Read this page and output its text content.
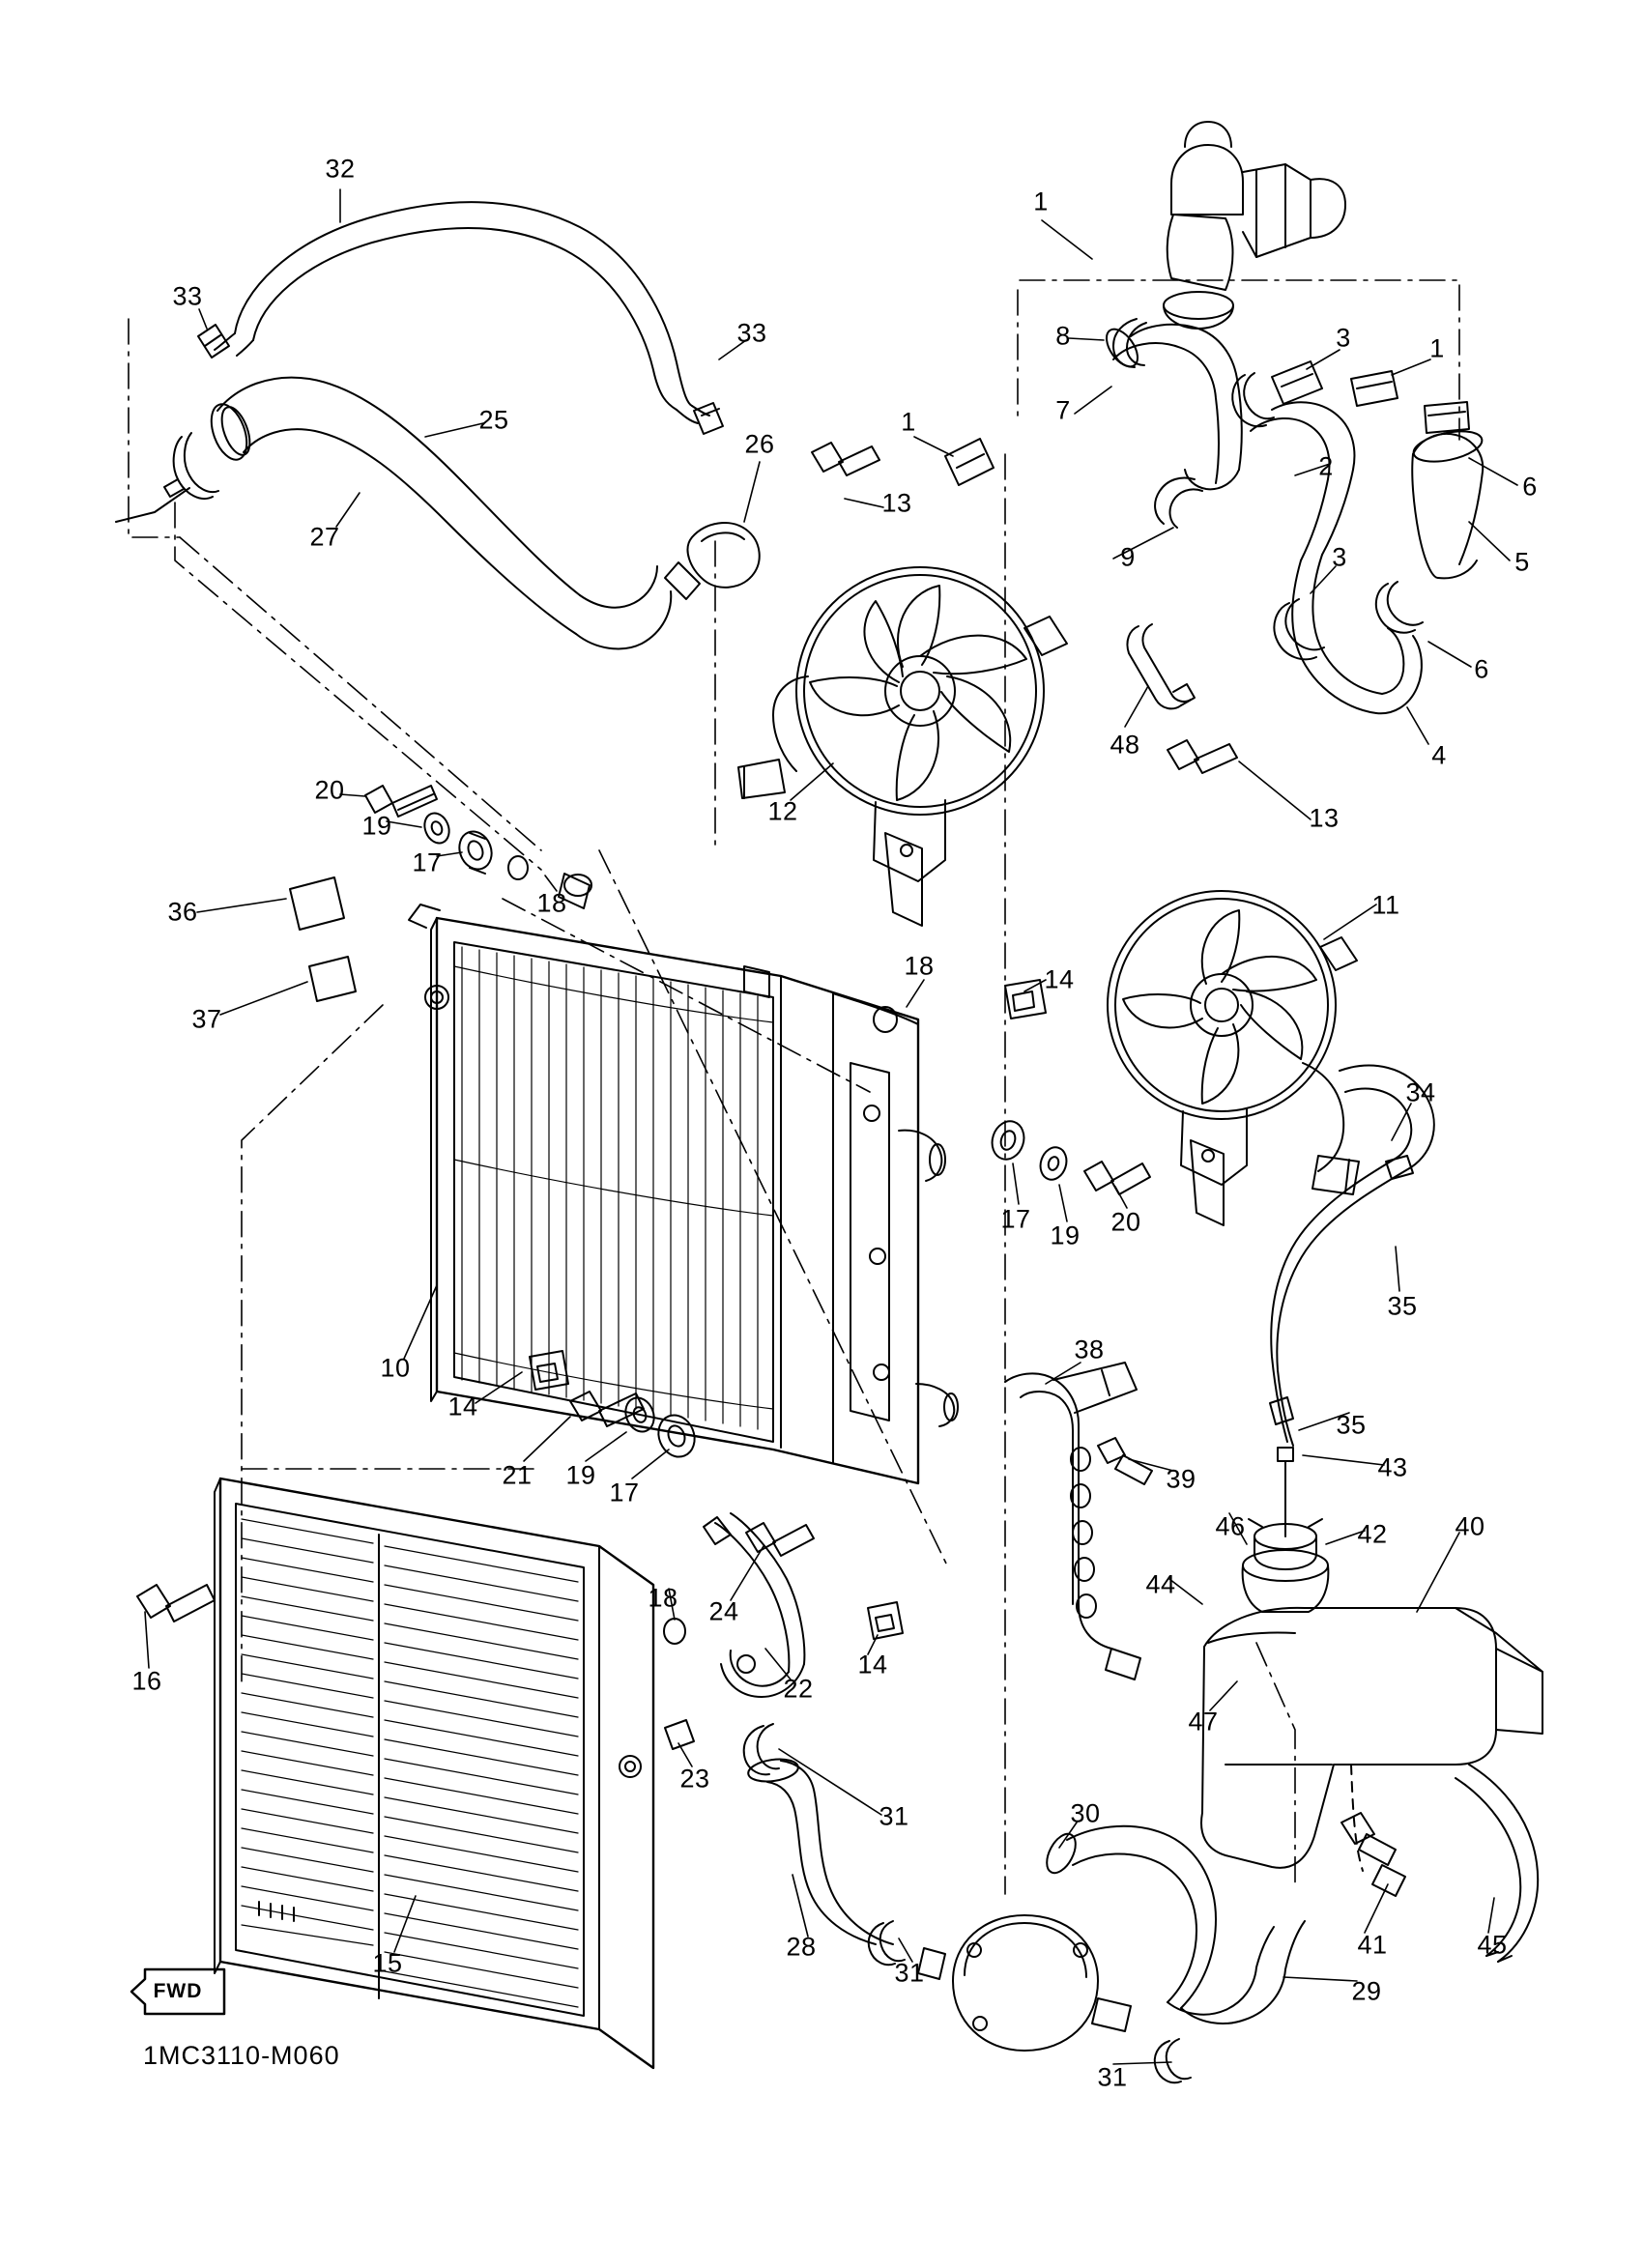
FWD
1MC3110-M060
32
33
33
25
27
26
13
1
8
7
1
9
3	1
6
5
2
3
6
4
48
12	13
11
20
19
17
18
36
37
18	14
34
35
17
19 20
10
14
21 19
17
38
35
43
39
46	42	40
44
47
16
18 24
14
22
23
31	30
41	45
15
28
31
29
31
